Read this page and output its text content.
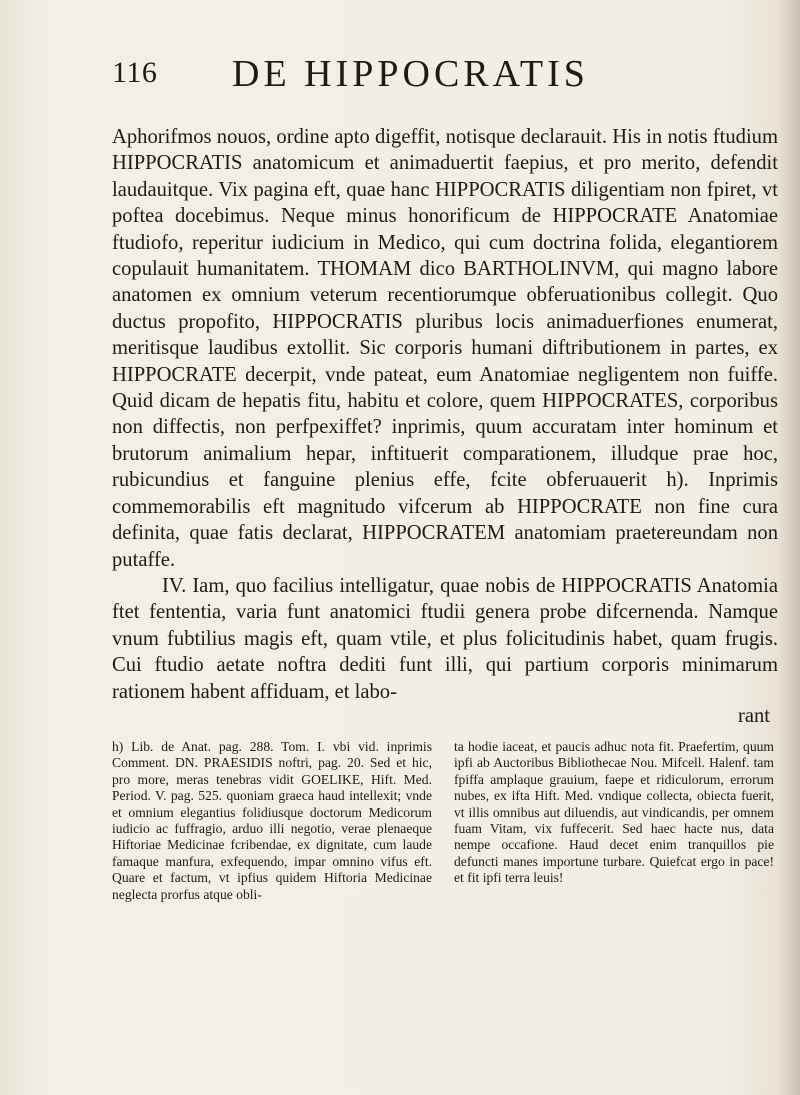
116 DE HIPPOCRATIS

Aphorifmos nouos, ordine apto digeffit, notisque declarauit. His in notis ftudium HIPPOCRATIS anatomicum et animaduertit faepius, et pro merito, defendit laudauitque. Vix pagina eft, quae hanc HIPPOCRATIS diligentiam non fpiret, vt poftea docebimus. Neque minus honorificum de HIPPOCRATE Anatomiae ftudiofo, reperitur iudicium in Medico, qui cum doctrina folida, elegantiorem copulauit humanitatem. THOMAM dico BARTHOLINVM, qui magno labore anatomen ex omnium veterum recentiorumque obferuationibus collegit. Quo ductus propofito, HIPPOCRATIS pluribus locis animaduerfiones enumerat, meritisque laudibus extollit. Sic corporis humani diftributionem in partes, ex HIPPOCRATE decerpit, vnde pateat, eum Anatomiae negligentem non fuiffe. Quid dicam de hepatis fitu, habitu et colore, quem HIPPOCRATES, corporibus non diffectis, non perfpexiffet? inprimis, quum accuratam inter hominum et brutorum animalium hepar, inftituerit comparationem, illudque prae hoc, rubicundius et fanguine plenius effe, fcite obferuauerit h). Inprimis commemorabilis eft magnitudo vifcerum ab HIPPOCRATE non fine cura definita, quae fatis declarat, HIPPOCRATEM anatomiam praetereundam non putaffe.

IV. Iam, quo facilius intelligatur, quae nobis de HIPPOCRATIS Anatomia ftet fententia, varia funt anatomici ftudii genera probe difcernenda. Namque vnum fubtilius magis eft, quam vtile, et plus folicitudinis habet, quam frugis. Cui ftudio aetate noftra dediti funt illi, qui partium corporis minimarum rationem habent affiduam, et labo-

rant

h) Lib. de Anat. pag. 288. Tom. I. vbi vid. inprimis Comment. DN. PRAESIDIS noftri, pag. 20. Sed et hic, pro more, meras tenebras vidit GOELIKE, Hift. Med. Period. V. pag. 525. quoniam graeca haud intellexit; vnde et omnium elegantius folidiusque doctorum Medicorum iudicio ac fuffragio, arduo illi negotio, verae plenaeque Hiftoriae Medicinae fcribendae, ex dignitate, cum laude famaque manfura, exfequendo, impar omnino vifus eft. Quare et factum, vt ipfius quidem Hiftoria Medicinae neglecta prorfus atque obli-

ta hodie iaceat, et paucis adhuc nota fit. Praefertim, quum ipfi ab Auctoribus Bibliothecae Nou. Mifcell. Halenf. tam fpiffa amplaque grauium, faepe et ridiculorum, errorum nubes, ex ifta Hift. Med. vndique collecta, obiecta fuerit, vt illis omnibus aut diluendis, aut vindicandis, per omnem fuam Vitam, vix fuffecerit. Sed haec hacte nus, data nempe occafione. Haud decet enim tranquillos pie defuncti manes importune turbare. Quiefcat ergo in pace! et fit ipfi terra leuis!
